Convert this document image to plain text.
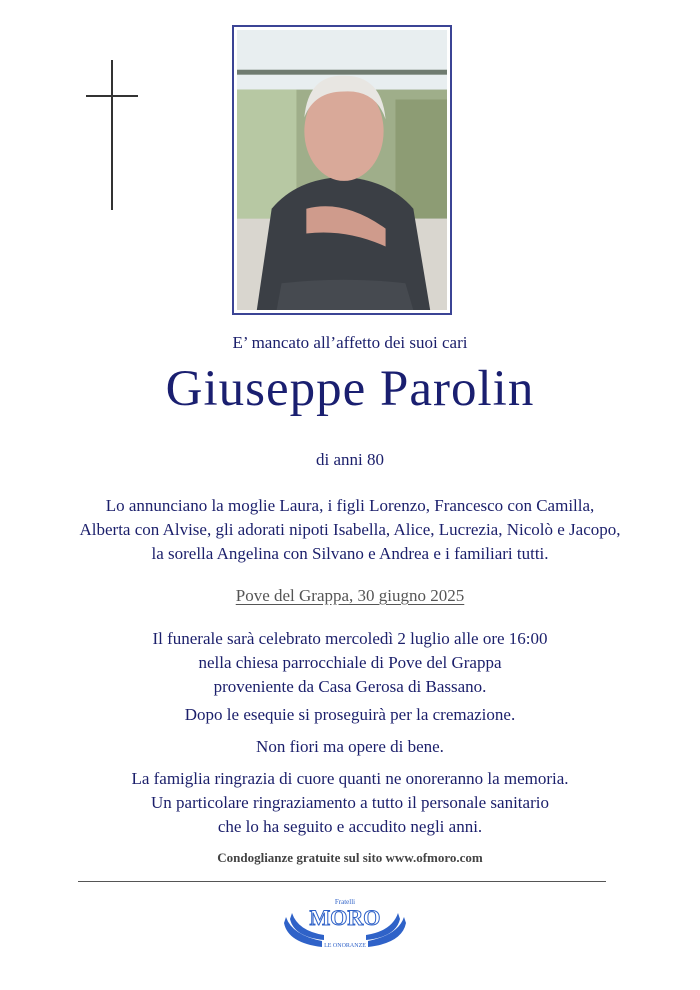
E’ mancato all’affetto dei suoi cari
Giuseppe Parolin
di anni 80

Lo annunciano la moglie Laura, i figli Lorenzo, Francesco con Camilla,

Alberta con Alvise, gli adorati nipoti Isabella, Alice, Lucrezia, Nicolò e Jacopo,

la sorella Angelina con Silvano e Andrea e i familiari tutti.

Pove del Grappa, 30 giugno 2025

Il funerale sarà celebrato mercoledì 2 luglio alle ore 16:00

nella chiesa parrocchiale di Pove del Grappa

proveniente da Casa Gerosa di Bassano.

Dopo le esequie si proseguirà per la cremazione.
Non fiori ma opere di bene.

La famiglia ringrazia di cuore quanti ne onoreranno la memoria.

Un particolare ringraziamento a tutto il personale sanitario

che lo ha seguito e accudito negli anni.

Condoglianze gratuite sul sito www.ofmoro.com
Fratelli
MORO
LE ONORANZE
